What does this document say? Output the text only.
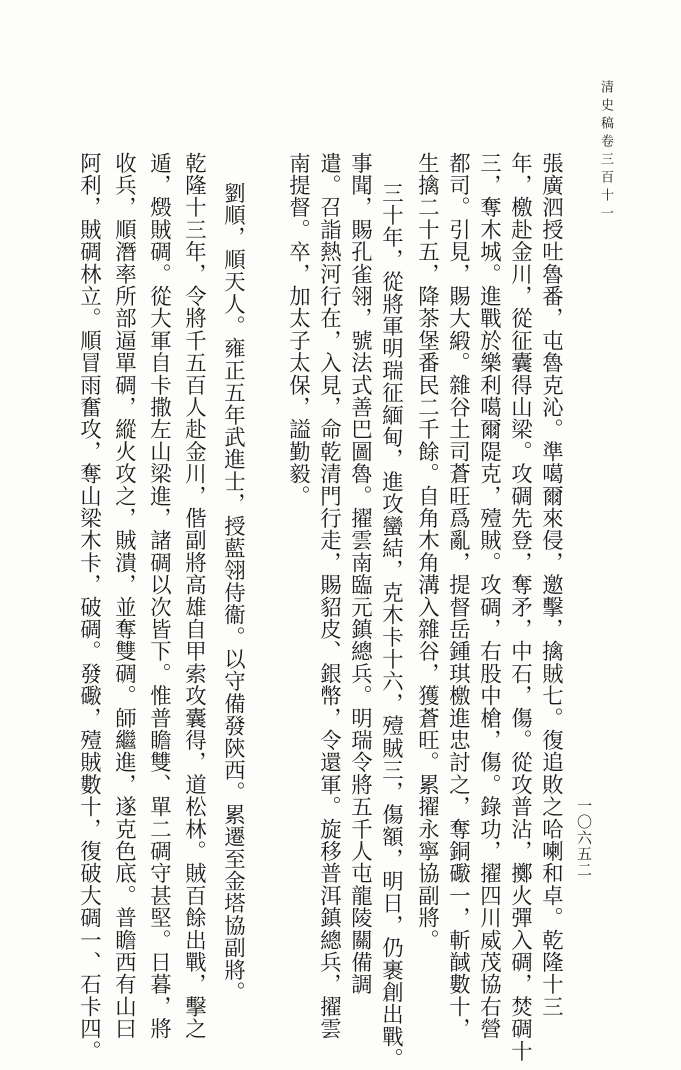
清史稿卷三百十一
一〇六五二
張廣泗授吐魯番，屯魯克沁。準噶爾來侵，邀擊，擒賊七。復追敗之哈喇和卓。乾隆十三
年，檄赴金川，從征囊得山梁。攻碉先登，奪矛，中石，傷。從攻普沾，擲火彈入碉，焚碉十
三，奪木城。進戰於樂利噶爾隄克，殪賊。攻碉，右股中槍，傷。錄功，擢四川威茂協右營
都司。引見，賜大緞。雜谷土司蒼旺爲亂，提督岳鍾琪檄進忠討之，奪銅礮一，斬馘數十，
生擒二十五，降茶堡番民二千餘。自角木角溝入雜谷，獲蒼旺。累擢永寧協副將。
三十年，從將軍明瑞征緬甸，進攻蠻結，克木卡十六，殪賊三，傷額，明日，仍裹創出戰。
事聞，賜孔雀翎，號法式善巴圖魯。擢雲南臨元鎮總兵。明瑞令將五千人屯龍陵關備調
遣。召詣熱河行在，入見，命乾清門行走，賜貂皮、銀幣，令還軍。旋移普洱鎮總兵，擢雲
南提督。卒，加太子太保，謚勤毅。
劉順，順天人。雍正五年武進士，授藍翎侍衞。以守備發陝西。累遷至金塔協副將。
乾隆十三年，令將千五百人赴金川，偕副將高雄自甲索攻囊得，道松林。賊百餘出戰，擊之
遁，燬賊碉。從大軍自卡撒左山梁進，諸碉以次皆下。惟普瞻雙、單二碉守甚堅。日暮，將
收兵，順潛率所部逼單碉，縱火攻之，賊潰，並奪雙碉。師繼進，遂克色底。普瞻西有山曰
阿利，賊碉林立。順冒雨奮攻，奪山梁木卡，破碉。發礮，殪賊數十，復破大碉一、石卡四。
